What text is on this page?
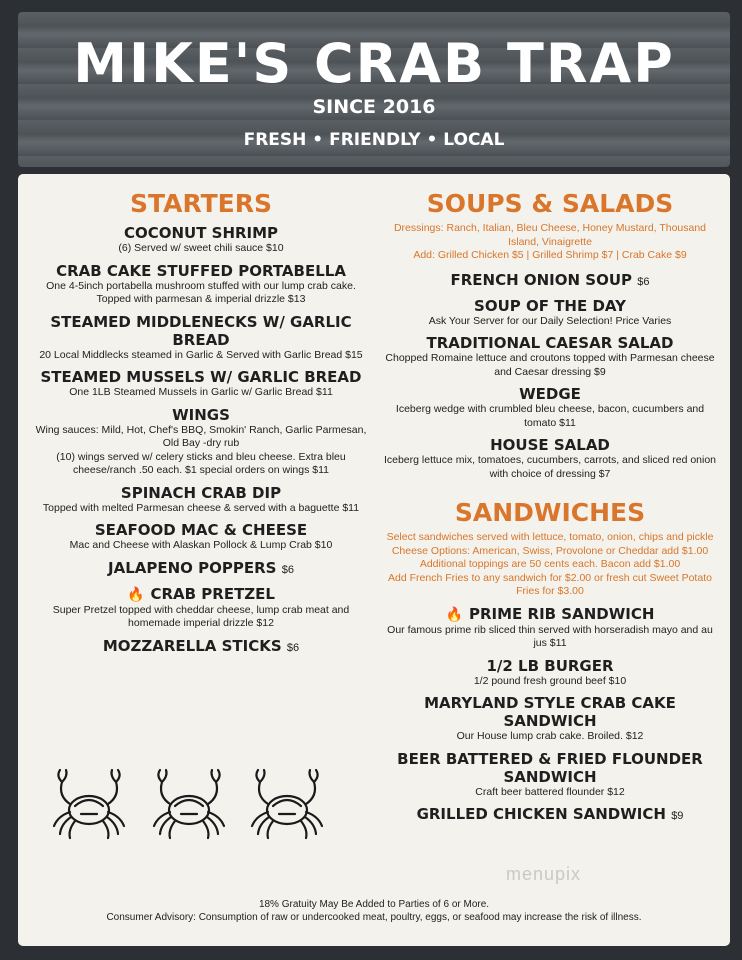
MIKE'S CRAB TRAP
SINCE 2016
FRESH • FRIENDLY • LOCAL
STARTERS
COCONUT SHRIMP
(6) Served w/ sweet chili sauce $10
CRAB CAKE STUFFED PORTABELLA
One 4-5inch portabella mushroom stuffed with our lump crab cake. Topped with parmesan & imperial drizzle $13
STEAMED MIDDLENECKS W/ GARLIC BREAD
20 Local Middlecks steamed in Garlic & Served with Garlic Bread $15
STEAMED MUSSELS W/ GARLIC BREAD
One 1LB Steamed Mussels in Garlic w/ Garlic Bread $11
WINGS
Wing sauces: Mild, Hot, Chef's BBQ, Smokin' Ranch, Garlic Parmesan, Old Bay -dry rub
(10) wings served w/ celery sticks and bleu cheese. Extra bleu cheese/ranch .50 each. $1 special orders on wings $11
SPINACH CRAB DIP
Topped with melted Parmesan cheese & served with a baguette $11
SEAFOOD MAC & CHEESE
Mac and Cheese with Alaskan Pollock & Lump Crab $10
JALAPENO POPPERS $6
🔥 CRAB PRETZEL
Super Pretzel topped with cheddar cheese, lump crab meat and homemade imperial drizzle $12
MOZZARELLA STICKS $6
SOUPS & SALADS
Dressings: Ranch, Italian, Bleu Cheese, Honey Mustard, Thousand Island, Vinaigrette
Add: Grilled Chicken $5 | Grilled Shrimp $7 | Crab Cake $9
FRENCH ONION SOUP $6
SOUP OF THE DAY
Ask Your Server for our Daily Selection! Price Varies
TRADITIONAL CAESAR SALAD
Chopped Romaine lettuce and croutons topped with Parmesan cheese and Caesar dressing $9
WEDGE
Iceberg wedge with crumbled bleu cheese, bacon, cucumbers and tomato $11
HOUSE SALAD
Iceberg lettuce mix, tomatoes, cucumbers, carrots, and sliced red onion with choice of dressing $7
SANDWICHES
Select sandwiches served with lettuce, tomato, onion, chips and pickle
Cheese Options: American, Swiss, Provolone or Cheddar add $1.00
Additional toppings are 50 cents each. Bacon add $1.00
Add French Fries to any sandwich for $2.00 or fresh cut Sweet Potato Fries for $3.00
🔥 PRIME RIB SANDWICH
Our famous prime rib sliced thin served with horseradish mayo and au jus $11
1/2 LB BURGER
1/2 pound fresh ground beef $10
MARYLAND STYLE CRAB CAKE SANDWICH
Our House lump crab cake. Broiled. $12
BEER BATTERED & FRIED FLOUNDER SANDWICH
Craft beer battered flounder $12
GRILLED CHICKEN SANDWICH $9
menupix
18% Gratuity May Be Added to Parties of 6 or More.
Consumer Advisory: Consumption of raw or undercooked meat, poultry, eggs, or seafood may increase the risk of illness.
